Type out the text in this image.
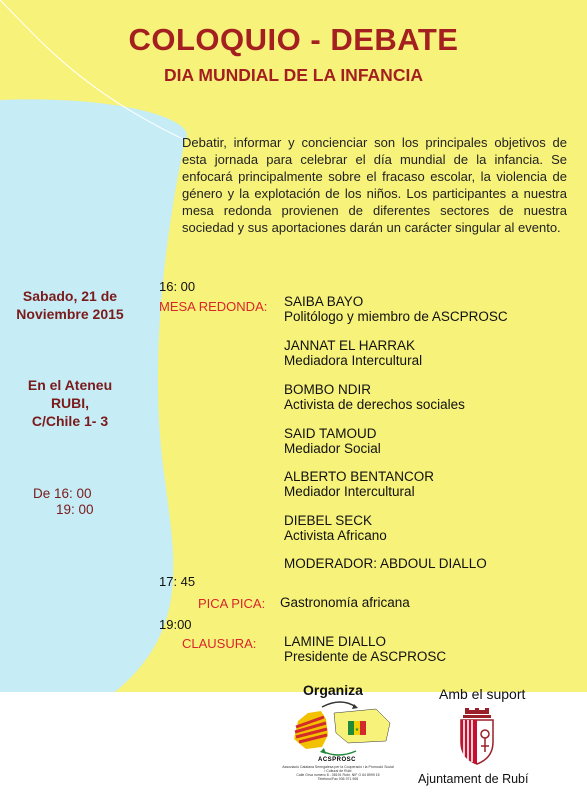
COLOQUIO - DEBATE
DIA MUNDIAL DE LA INFANCIA
Debatir, informar y concienciar son los principales objetivos de esta jornada para celebrar el día mundial de la infancia. Se enfocará principalmente sobre el fracaso escolar, la violencia de género y la explotación de los niños. Los participantes a nuestra mesa redonda provienen de diferentes sectores de nuestra sociedad y sus aportaciones darán un carácter singular al evento.
Sabado, 21 de
Noviembre 2015
En el Ateneu
RUBI,
C/Chile 1- 3
De 16: 00
19: 00
16: 00
MESA REDONDA: SAIBA BAYO
Politólogo y miembro de ASCPROSC
JANNAT EL HARRAK
Mediadora Intercultural
BOMBO NDIR
Activista de derechos sociales
SAID TAMOUD
Mediador Social
ALBERTO BENTANCOR
Mediador Intercultural
DIEBEL SECK
Activista Africano
MODERADOR: ABDOUL DIALLO
17: 45
PICA PICA: Gastronomía africana
19:00
CLAUSURA: LAMINE DIALLO
Presidente de ASCPROSC
Organiza
★
ACSPROSC
Associació Catalana Senegalesa per la Cooperació i la Promoció Social i Cultural de Rubí
Calle Orsa numero 8 - 08191 Rubí. NIF G 64 8999 15
Telefono/Fax 936 971 965
Amb el suport
Ajuntament de Rubí
